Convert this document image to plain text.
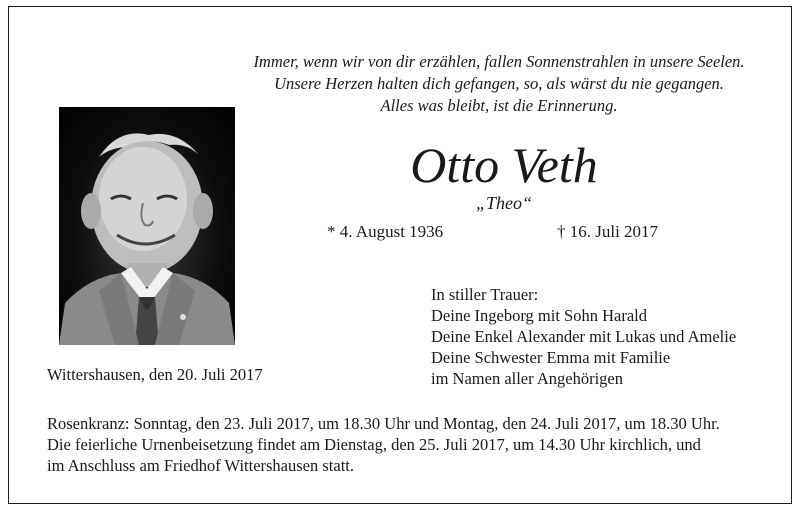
Immer, wenn wir von dir erzählen, fallen Sonnenstrahlen in unsere Seelen.
Unsere Herzen halten dich gefangen, so, als wärst du nie gegangen.
Alles was bleibt, ist die Erinnerung.
Otto Veth
„Theo“
* 4. August 1936	† 16. Juli 2017
In stiller Trauer:
Deine Ingeborg mit Sohn Harald
Deine Enkel Alexander mit Lukas und Amelie
Deine Schwester Emma mit Familie
im Namen aller Angehörigen
Wittershausen, den 20. Juli 2017
Rosenkranz: Sonntag, den 23. Juli 2017, um 18.30 Uhr und Montag, den 24. Juli 2017, um 18.30 Uhr.
Die feierliche Urnenbeisetzung findet am Dienstag, den 25. Juli 2017, um 14.30 Uhr kirchlich, und
im Anschluss am Friedhof Wittershausen statt.
